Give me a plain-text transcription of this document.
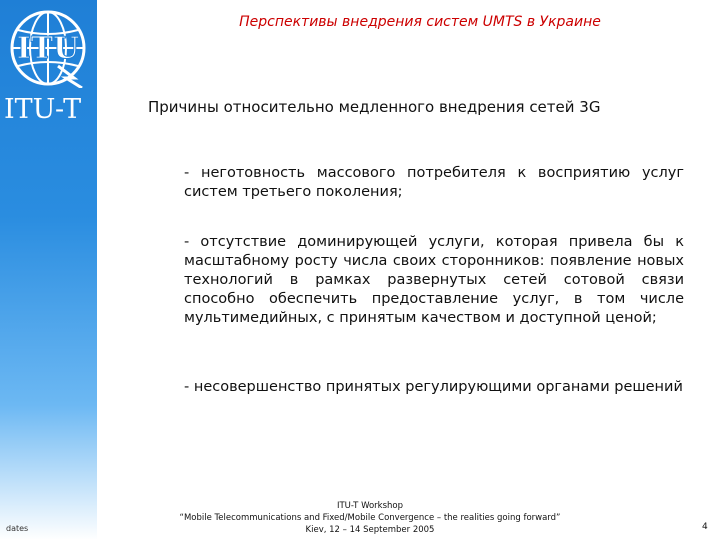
ITU
ITU-T
dates
Перспективы внедрения систем UMTS в Украине
Причины относительно медленного внедрения сетей 3G
- неготовность массового потребителя к восприятию услуг систем третьего поколения;
- отсутствие доминирующей услуги, которая привела бы к масштабному росту числа своих сторонников: появление новых технологий в рамках развернутых сетей сотовой связи способно обеспечить предоставление услуг, в том числе мультимедийных, с принятым качеством и доступной ценой;
- несовершенство принятых регулирующими органами решений
ITU-T Workshop
“Mobile Telecommunications and Fixed/Mobile Convergence – the realities going forward”
Kiev, 12 – 14 September 2005	4
